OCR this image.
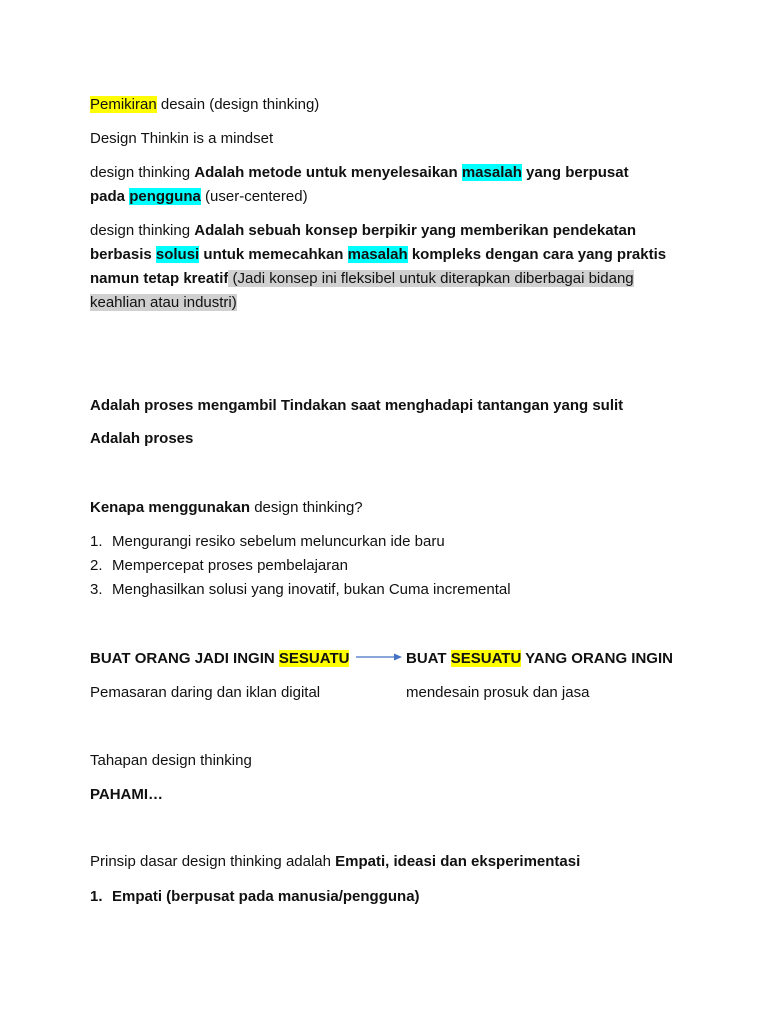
Pemikiran desain (design thinking)
Design Thinkin is a mindset
design thinking Adalah metode untuk menyelesaikan masalah yang berpusat
pada pengguna (user-centered)
design thinking Adalah sebuah konsep berpikir yang memberikan pendekatan
berbasis solusi untuk memecahkan masalah kompleks dengan cara yang praktis
namun tetap kreatif (Jadi konsep ini fleksibel untuk diterapkan diberbagai bidang
keahlian atau industri)
Adalah proses mengambil Tindakan saat menghadapi tantangan yang sulit
Adalah proses
Kenapa menggunakan design thinking?
1. Mengurangi resiko sebelum meluncurkan ide baru
2. Mempercepat proses pembelajaran
3. Menghasilkan solusi yang inovatif, bukan Cuma incremental
BUAT ORANG JADI INGIN SESUATU	BUAT SESUATU YANG ORANG INGIN
Pemasaran daring dan iklan digital	mendesain prosuk dan jasa
Tahapan design thinking
PAHAMI…
Prinsip dasar design thinking adalah Empati, ideasi dan eksperimentasi
1. Empati (berpusat pada manusia/pengguna)
